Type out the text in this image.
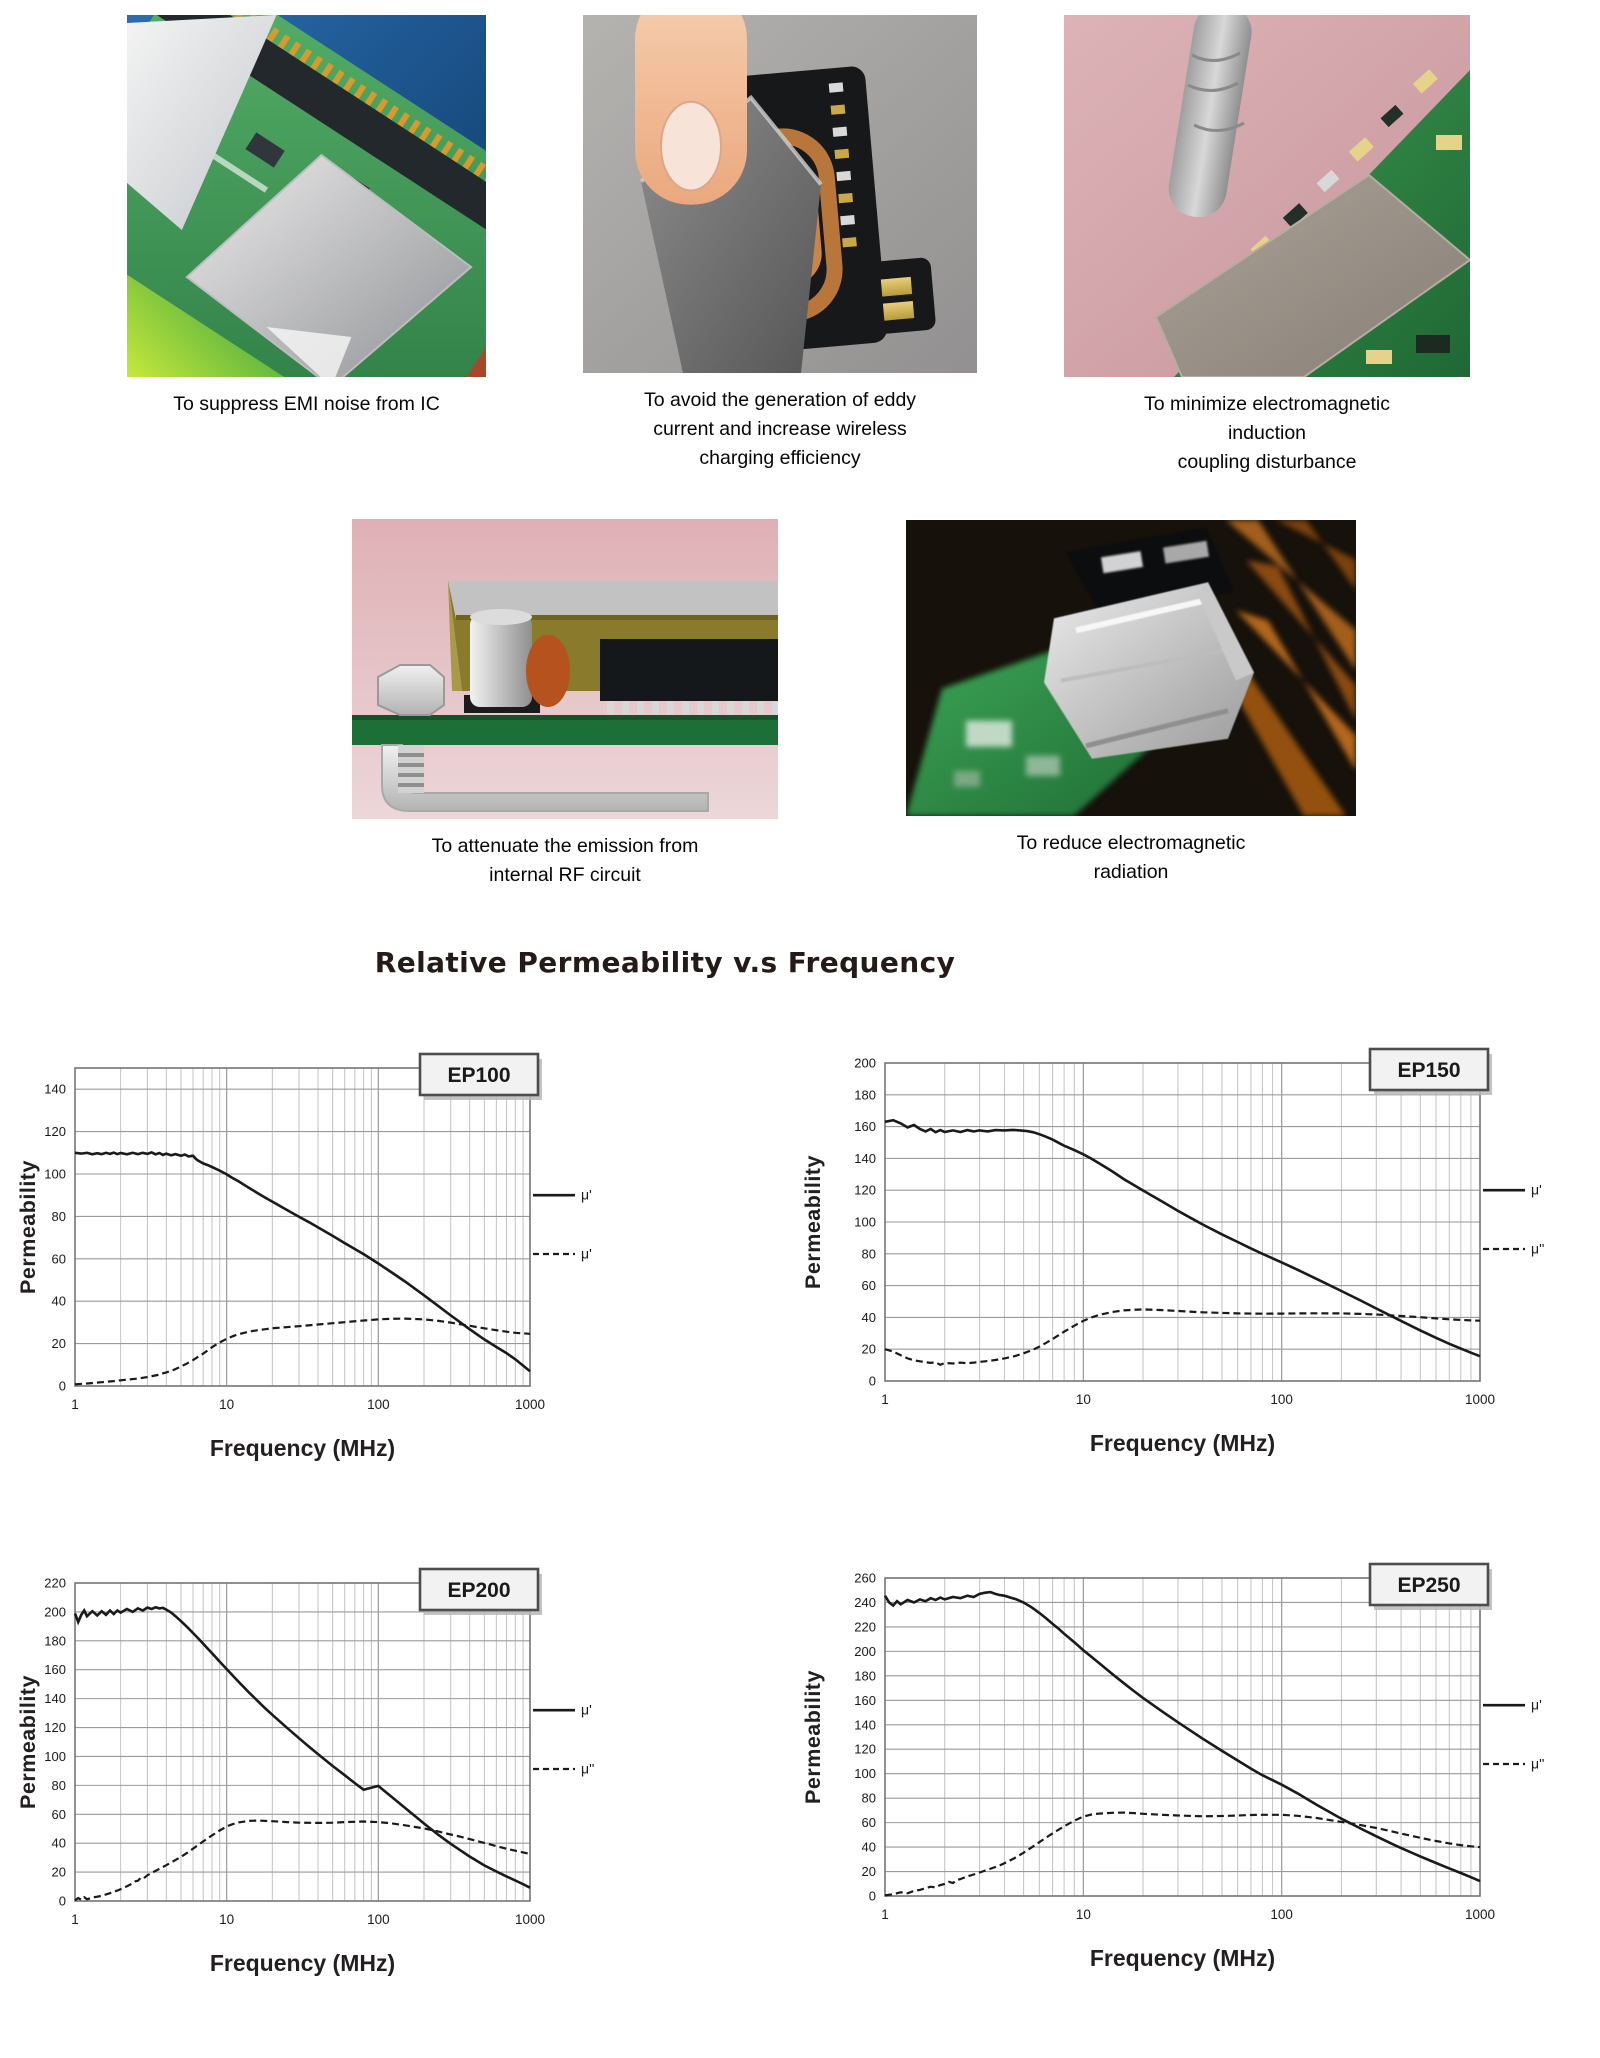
To suppress EMI noise from IC	To avoid the generation of eddy
current and increase wireless
charging efficiency
To minimize electromagnetic
induction
coupling disturbance
To attenuate the emission from
internal RF circuit
To reduce electromagnetic
radiation
Relative Permeability v.s Frequency
EP100
μ'
μ'
0
20
40
60
80
100
120
140
1	10	100	1000
Permeability
Frequency (MHz)
EP150
μ'
μ''
0
20
40
60
80
100
120
140
160
180
200
1	10	100	1000
Permeability
Frequency (MHz)
EP200
μ'
μ''
0
20
40
60
80
100
120
140
160
180
200
220
1	10	100	1000
Permeability
Frequency (MHz)
EP250
μ'
μ''
0
20
40
60
80
100
120
140
160
180
200
220
240
260
1	10	100	1000
Permeability
Frequency (MHz)
